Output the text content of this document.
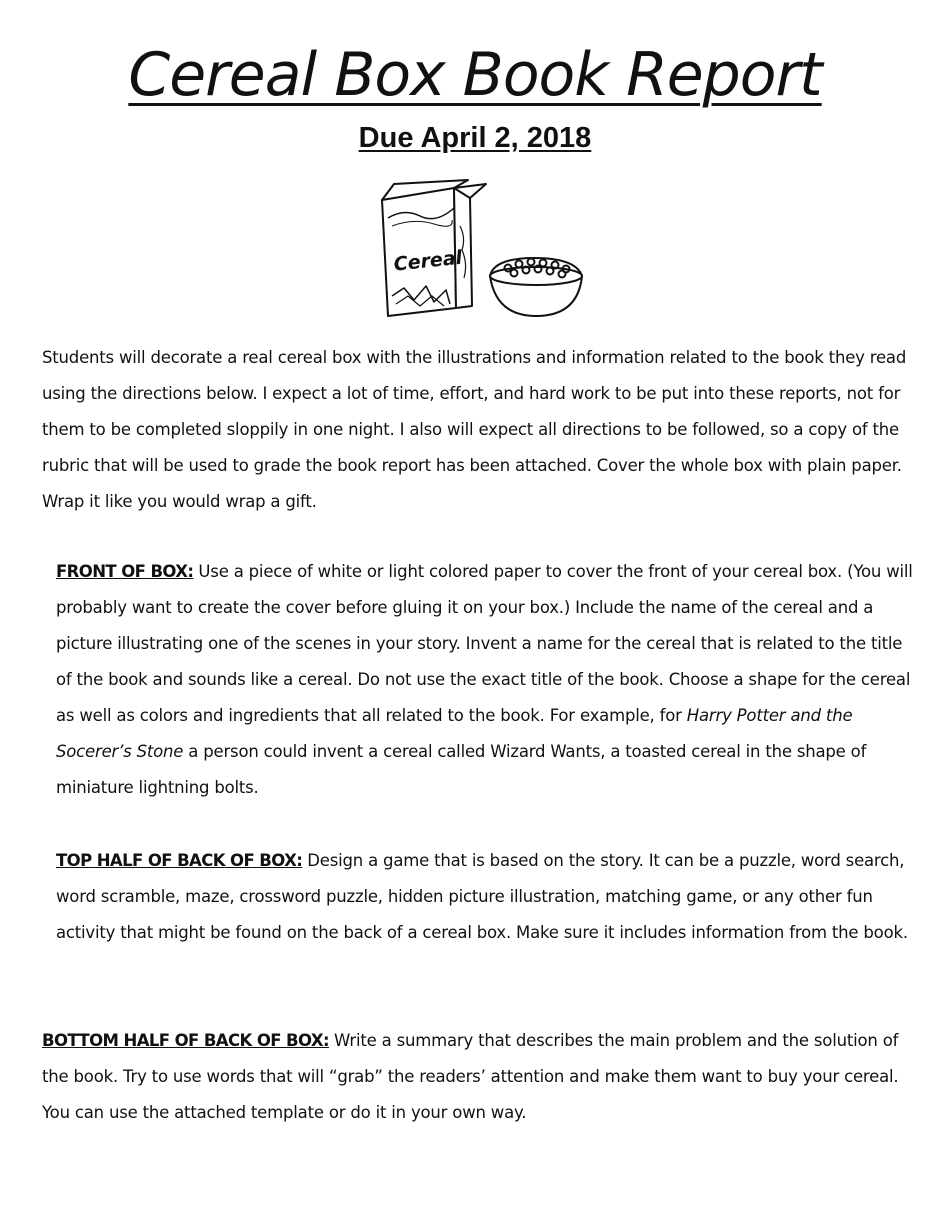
Cereal Box Book Report
Due April 2, 2018
Cereal

Students will decorate a real cereal box with the illustrations and information related to the book they read using the directions below. I expect a lot of time, effort, and hard work to be put into these reports, not for them to be completed sloppily in one night. I also will expect all directions to be followed, so a copy of the rubric that will be used to grade the book report has been attached. Cover the whole box with plain paper. Wrap it like you would wrap a gift.

FRONT OF BOX: Use a piece of white or light colored paper to cover the front of your cereal box. (You will probably want to create the cover before gluing it on your box.) Include the name of the cereal and a picture illustrating one of the scenes in your story. Invent a name for the cereal that is related to the title of the book and sounds like a cereal. Do not use the exact title of the book. Choose a shape for the cereal as well as colors and ingredients that all related to the book. For example, for Harry Potter and the Socerer’s Stone a person could invent a cereal called Wizard Wants, a toasted cereal in the shape of miniature lightning bolts.

TOP HALF OF BACK OF BOX: Design a game that is based on the story. It can be a puzzle, word search, word scramble, maze, crossword puzzle, hidden picture illustration, matching game, or any other fun activity that might be found on the back of a cereal box. Make sure it includes information from the book.

BOTTOM HALF OF BACK OF BOX: Write a summary that describes the main problem and the solution of the book. Try to use words that will “grab” the readers’ attention and make them want to buy your cereal. You can use the attached template or do it in your own way.
